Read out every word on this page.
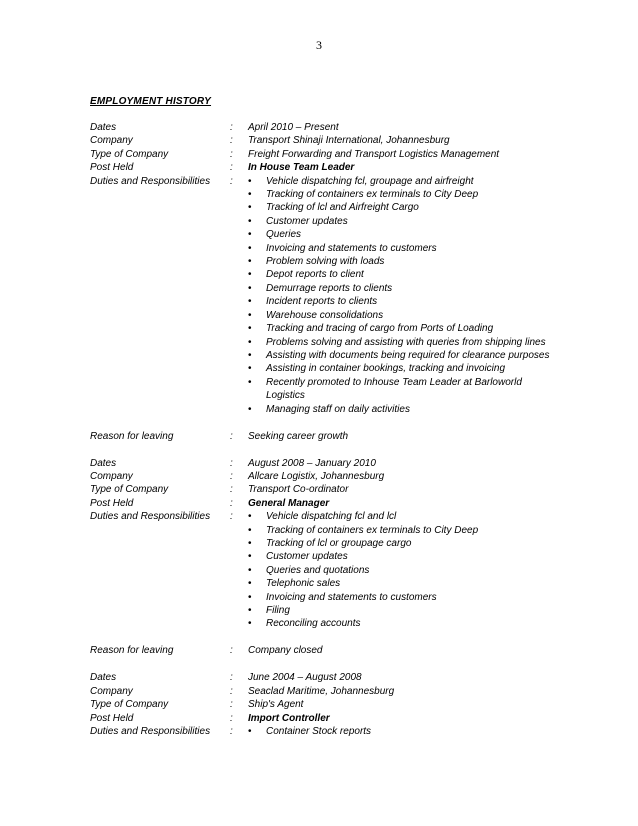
3
EMPLOYMENT HISTORY
Dates	:	April 2010 – Present
Company	:	Transport Shinaji International, Johannesburg
Type of Company	:	Freight Forwarding and Transport Logistics Management
Post Held	:	In House Team Leader
Duties and Responsibilities	:	•	Vehicle dispatching fcl, groupage and airfreight
•	Tracking of containers ex terminals to City Deep
•	Tracking of lcl and Airfreight Cargo
•	Customer updates
•	Queries
•	Invoicing and statements to customers
•	Problem solving with loads
•	Depot reports to client
•	Demurrage reports to clients
•	Incident reports to clients
•	Warehouse consolidations
•	Tracking and tracing of cargo from Ports of Loading
•	Problems solving and assisting with queries from shipping lines
•	Assisting with documents being required for clearance purposes
•	Assisting in container bookings, tracking and invoicing
•	Recently promoted to Inhouse Team Leader at Barloworld Logistics
•	Managing staff on daily activities
Reason for leaving	:	Seeking career growth
Dates	:	August 2008 – January 2010
Company	:	Allcare Logistix, Johannesburg
Type of Company	:	Transport Co-ordinator
Post Held	:	General Manager
Duties and Responsibilities	:	•	Vehicle dispatching fcl and lcl
•	Tracking of containers ex terminals to City Deep
•	Tracking of lcl or groupage cargo
•	Customer updates
•	Queries and quotations
•	Telephonic sales
•	Invoicing and statements to customers
•	Filing
•	Reconciling accounts
Reason for leaving	:	Company closed
Dates	:	June 2004 – August 2008
Company	:	Seaclad Maritime, Johannesburg
Type of Company	:	Ship's Agent
Post Held	:	Import Controller
Duties and Responsibilities	:	•	Container Stock reports
